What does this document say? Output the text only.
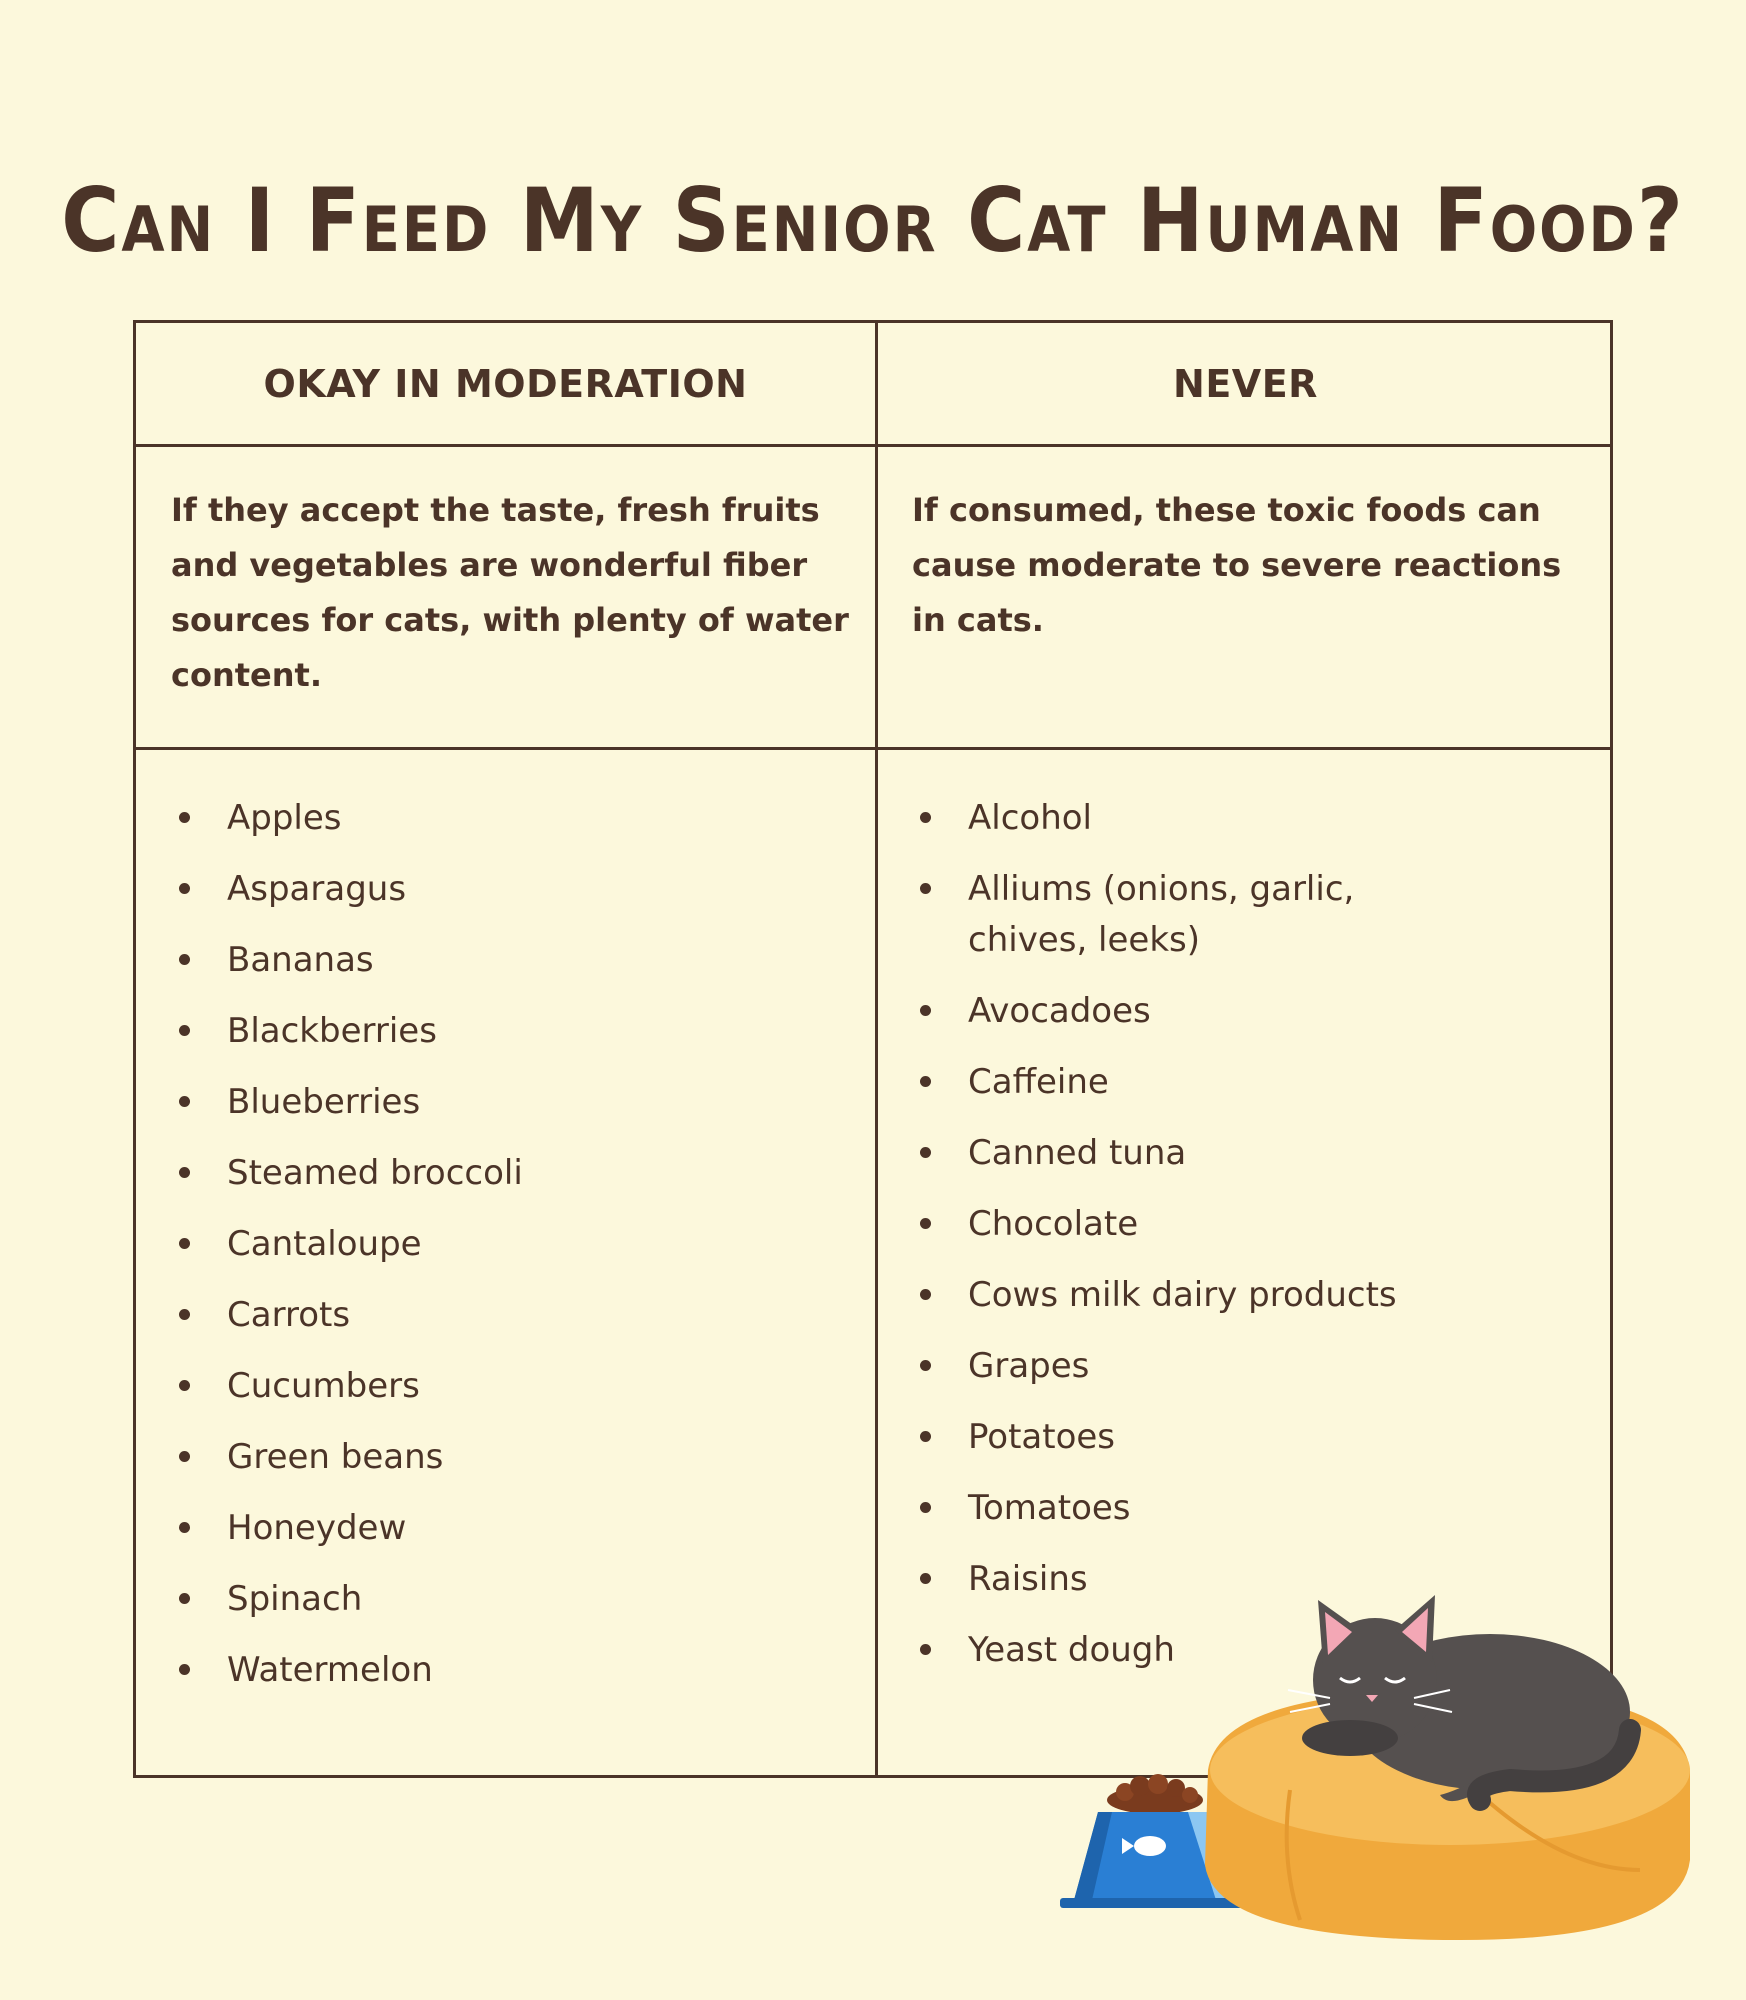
Can I Feed My Senior Cat Human Food?
OKAY IN MODERATION	NEVER
If they accept the taste, fresh fruits and vegetables are wonderful fiber sources for cats, with plenty of water content.
If consumed, these toxic foods can cause moderate to severe reactions in cats.
Apples
Asparagus
Bananas
Blackberries
Blueberries
Steamed broccoli
Cantaloupe
Carrots
Cucumbers
Green beans
Honeydew
Spinach
Watermelon
Alcohol
Alliums (onions, garlic, chives, leeks)
Avocadoes
Caffeine
Canned tuna
Chocolate
Cows milk dairy products
Grapes
Potatoes
Tomatoes
Raisins
Yeast dough
